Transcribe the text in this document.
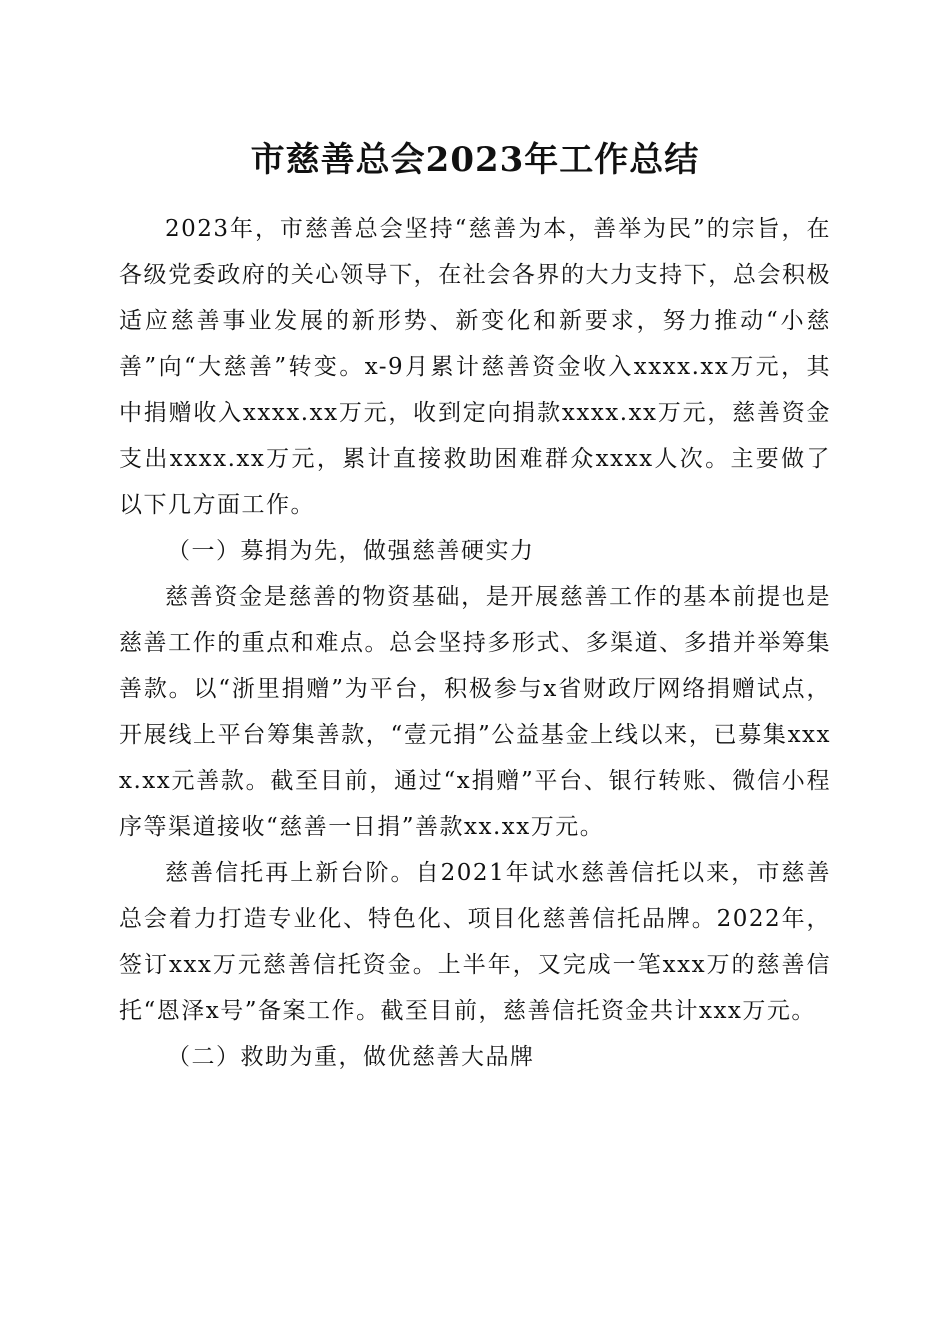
市慈善总会2023年工作总结

2023年，市慈善总会坚持“慈善为本，善举为民”的宗旨，在各级党委政府的关心领导下，在社会各界的大力支持下，总会积极适应慈善事业发展的新形势、新变化和新要求，努力推动“小慈善”向“大慈善”转变。x-9月累计慈善资金收入xxxx.xx万元，其中捐赠收入xxxx.xx万元，收到定向捐款xxxx.xx万元，慈善资金支出xxxx.xx万元，累计直接救助困难群众xxxx人次。主要做了以下几方面工作。

（一）募捐为先，做强慈善硬实力

慈善资金是慈善的物资基础，是开展慈善工作的基本前提也是慈善工作的重点和难点。总会坚持多形式、多渠道、多措并举筹集善款。以“浙里捐赠”为平台，积极参与x省财政厅网络捐赠试点，开展线上平台筹集善款，“壹元捐”公益基金上线以来，已募集xxxx.xx元善款。截至目前，通过“x捐赠”平台、银行转账、微信小程序等渠道接收“慈善一日捐”善款xx.xx万元。

慈善信托再上新台阶。自2021年试水慈善信托以来，市慈善总会着力打造专业化、特色化、项目化慈善信托品牌。2022年，签订xxx万元慈善信托资金。上半年，又完成一笔xxx万的慈善信托“恩泽x号”备案工作。截至目前，慈善信托资金共计xxx万元。

（二）救助为重，做优慈善大品牌
